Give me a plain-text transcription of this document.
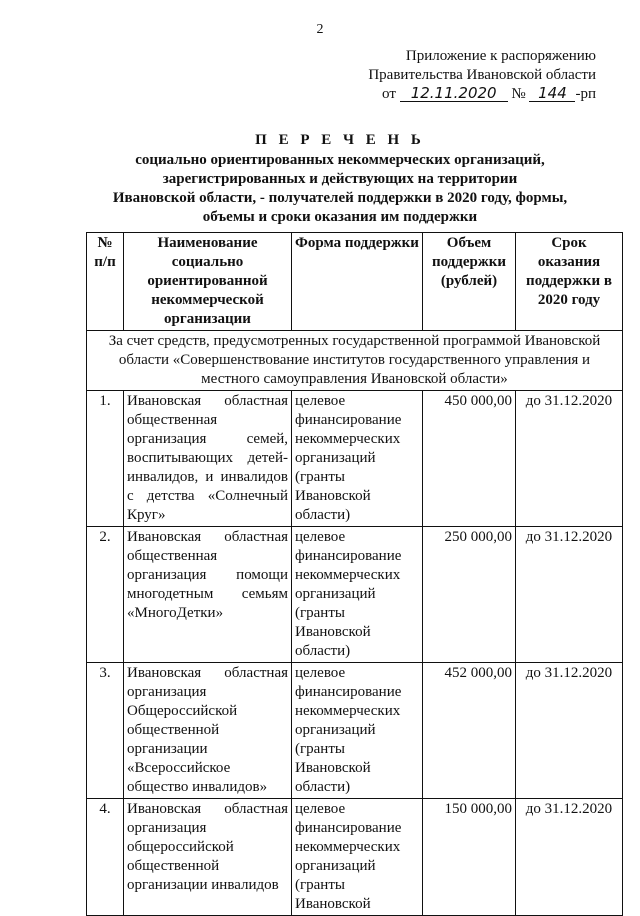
2
Приложение к распоряжению
Правительства Ивановской области
от 12.11.2020 № 144 -рп
П Е Р Е Ч Е Н Ь
социально ориентированных некоммерческих организаций,
зарегистрированных и действующих на территории
Ивановской области, - получателей поддержки в 2020 году, формы,
объемы и сроки оказания им поддержки
№ п/п	Наименование социально ориентированной некоммерческой организации	Форма поддержки	Объем поддержки (рублей)	Срок оказания поддержки в 2020 году
За счет средств, предусмотренных государственной программой Ивановской области «Совершенствование институтов государственного управления и местного самоуправления Ивановской области»				
1.	Ивановская областная общественная организация семей, воспитывающих детей-инвалидов, и инвалидов с детства «Солнечный Круг»	целевое финансирование некоммерческих организаций (гранты Ивановской области)	450 000,00	до 31.12.2020
2.	Ивановская областная общественная организация помощи многодетным семьям «МногоДетки»	целевое финансирование некоммерческих организаций (гранты Ивановской области)	250 000,00	до 31.12.2020
3.	Ивановская областная организация Общероссийской общественной организации «Всероссийское общество инвалидов»	целевое финансирование некоммерческих организаций (гранты Ивановской области)	452 000,00	до 31.12.2020
4.	Ивановская областная организация общероссийской общественной организации инвалидов	целевое финансирование некоммерческих организаций (гранты Ивановской	150 000,00	до 31.12.2020
